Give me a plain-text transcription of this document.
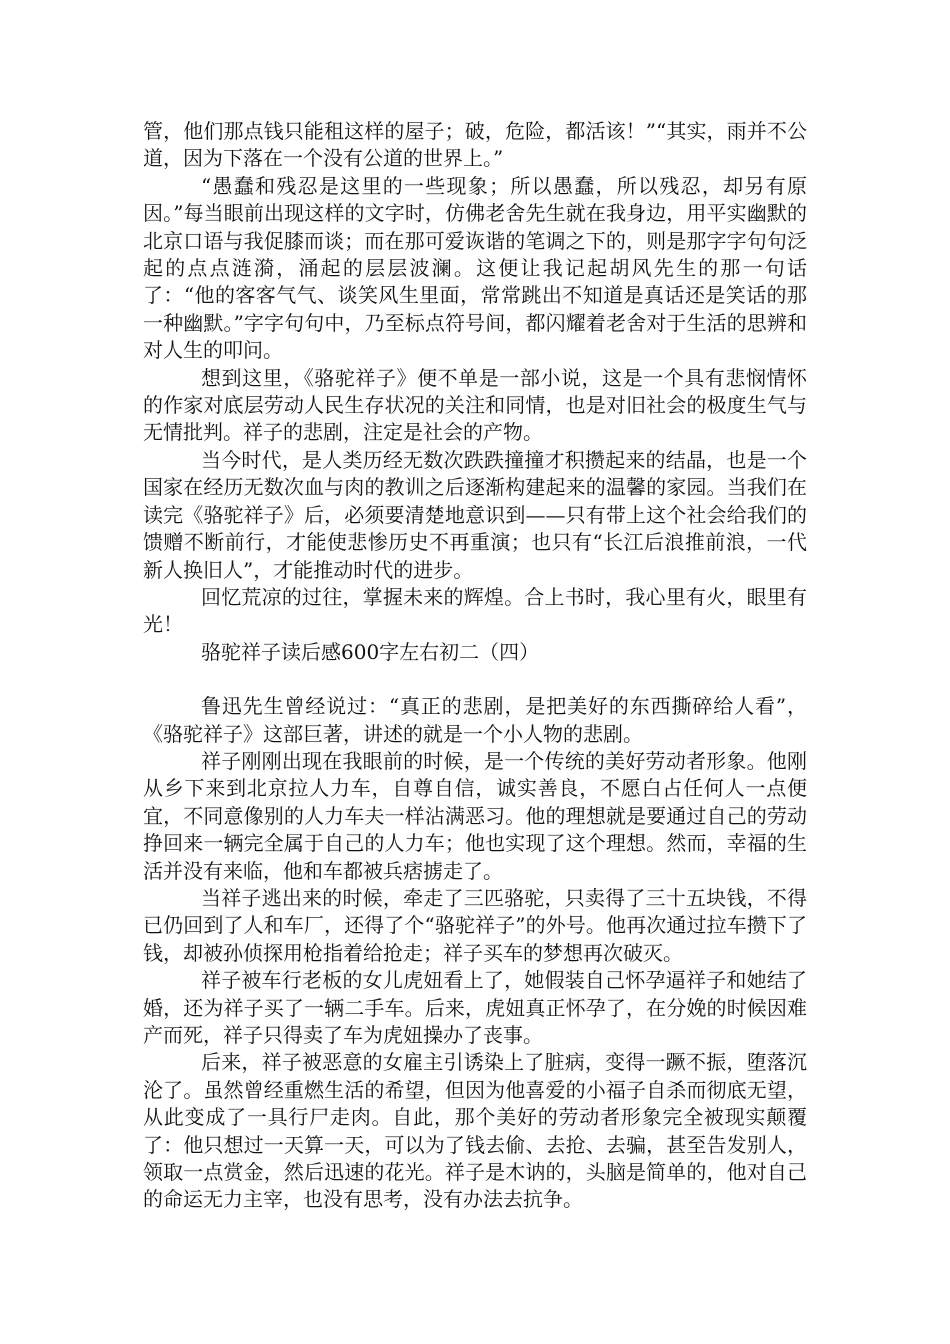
管，他们那点钱只能租这样的屋子；破，危险，都活该！”“其实，雨并不公道，因为下落在一个没有公道的世界上。”

“愚蠢和残忍是这里的一些现象；所以愚蠢，所以残忍，却另有原因。”每当眼前出现这样的文字时，仿佛老舍先生就在我身边，用平实幽默的北京口语与我促膝而谈；而在那可爱诙谐的笔调之下的，则是那字字句句泛起的点点涟漪，涌起的层层波澜。这便让我记起胡风先生的那一句话了：“他的客客气气、谈笑风生里面，常常跳出不知道是真话还是笑话的那一种幽默。”字字句句中，乃至标点符号间，都闪耀着老舍对于生活的思辨和对人生的叩问。

想到这里，《骆驼祥子》便不单是一部小说，这是一个具有悲悯情怀的作家对底层劳动人民生存状况的关注和同情，也是对旧社会的极度生气与无情批判。祥子的悲剧，注定是社会的产物。

当今时代，是人类历经无数次跌跌撞撞才积攒起来的结晶，也是一个国家在经历无数次血与肉的教训之后逐渐构建起来的温馨的家园。当我们在读完《骆驼祥子》后，必须要清楚地意识到——只有带上这个社会给我们的馈赠不断前行，才能使悲惨历史不再重演；也只有“长江后浪推前浪，一代新人换旧人”，才能推动时代的进步。

回忆荒凉的过往，掌握未来的辉煌。合上书时，我心里有火，眼里有光！

骆驼祥子读后感600字左右初二（四）

鲁迅先生曾经说过：“真正的悲剧，是把美好的东西撕碎给人看”，《骆驼祥子》这部巨著，讲述的就是一个小人物的悲剧。

祥子刚刚出现在我眼前的时候，是一个传统的美好劳动者形象。他刚从乡下来到北京拉人力车，自尊自信，诚实善良，不愿白占任何人一点便宜，不同意像别的人力车夫一样沾满恶习。他的理想就是要通过自己的劳动挣回来一辆完全属于自己的人力车；他也实现了这个理想。然而，幸福的生活并没有来临，他和车都被兵痞掳走了。

当祥子逃出来的时候，牵走了三匹骆驼，只卖得了三十五块钱，不得已仍回到了人和车厂，还得了个“骆驼祥子”的外号。他再次通过拉车攒下了钱，却被孙侦探用枪指着给抢走；祥子买车的梦想再次破灭。

祥子被车行老板的女儿虎妞看上了，她假装自己怀孕逼祥子和她结了婚，还为祥子买了一辆二手车。后来，虎妞真正怀孕了，在分娩的时候因难产而死，祥子只得卖了车为虎妞操办了丧事。

后来，祥子被恶意的女雇主引诱染上了脏病，变得一蹶不振，堕落沉沦了。虽然曾经重燃生活的希望，但因为他喜爱的小福子自杀而彻底无望，从此变成了一具行尸走肉。自此，那个美好的劳动者形象完全被现实颠覆了：他只想过一天算一天，可以为了钱去偷、去抢、去骗，甚至告发别人，领取一点赏金，然后迅速的花光。祥子是木讷的，头脑是简单的，他对自己的命运无力主宰，也没有思考，没有办法去抗争。
